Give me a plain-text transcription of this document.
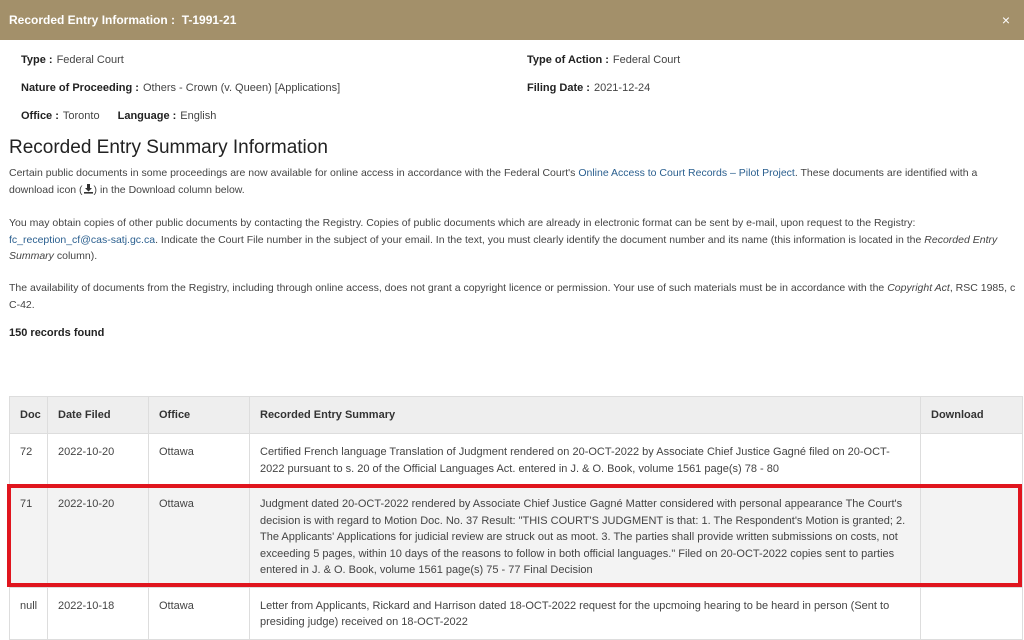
Recorded Entry Information : T-1991-21	×
Type : Federal Court	Type of Action : Federal Court
Nature of Proceeding : Others - Crown (v. Queen) [Applications]	Filing Date : 2021-12-24
Office : Toronto Language : English
Recorded Entry Summary Information

Certain public documents in some proceedings are now available for online access in accordance with the Federal Court's Online Access to Court Records – Pilot Project. These documents are identified with a download icon ( ) in the Download column below.

You may obtain copies of other public documents by contacting the Registry. Copies of public documents which are already in electronic format can be sent by e-mail, upon request to the Registry: fc_reception_cf@cas-satj.gc.ca. Indicate the Court File number in the subject of your email. In the text, you must clearly identify the document number and its name (this information is located in the Recorded Entry Summary column).

The availability of documents from the Registry, including through online access, does not grant a copyright licence or permission. Your use of such materials must be in accordance with the Copyright Act, RSC 1985, c C-42.

150 records found
Doc	Date Filed	Office	Recorded Entry Summary	Download
72	2022-10-20	Ottawa	Certified French language Translation of Judgment rendered on 20-OCT-2022 by Associate Chief Justice Gagné filed on 20-OCT-2022 pursuant to s. 20 of the Official Languages Act. entered in J. & O. Book, volume 1561 page(s) 78 - 80	
71	2022-10-20	Ottawa	Judgment dated 20-OCT-2022 rendered by Associate Chief Justice Gagné Matter considered with personal appearance The Court's decision is with regard to Motion Doc. No. 37 Result: "THIS COURT'S JUDGMENT is that: 1. The Respondent's Motion is granted; 2. The Applicants' Applications for judicial review are struck out as moot. 3. The parties shall provide written submissions on costs, not exceeding 5 pages, within 10 days of the reasons to follow in both official languages." Filed on 20-OCT-2022 copies sent to parties entered in J. & O. Book, volume 1561 page(s) 75 - 77 Final Decision	
null	2022-10-18	Ottawa	Letter from Applicants, Rickard and Harrison dated 18-OCT-2022 request for the upcmoing hearing to be heard in person (Sent to presiding judge) received on 18-OCT-2022	
